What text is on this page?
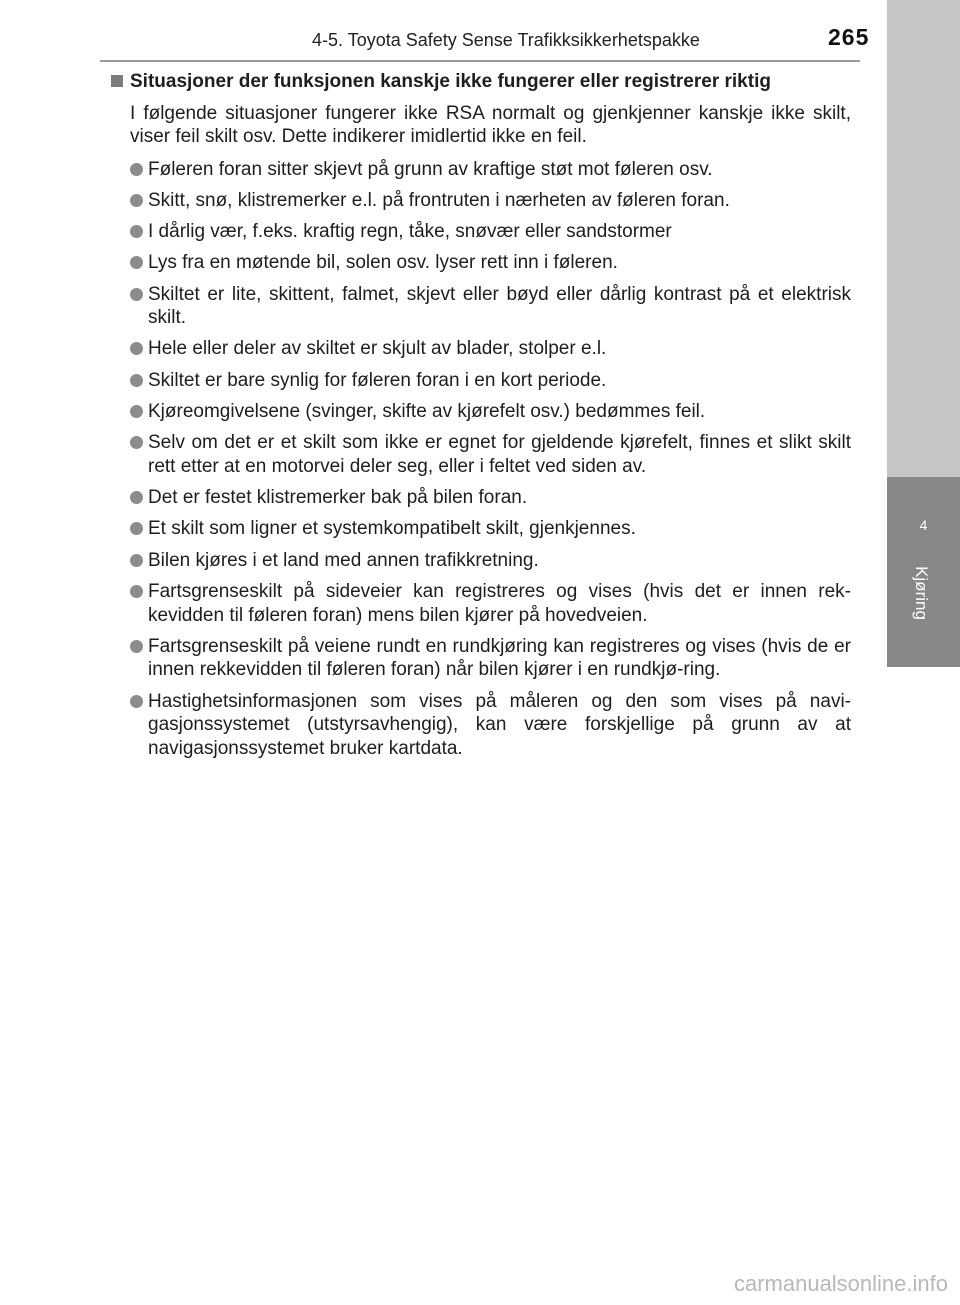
4-5. Toyota Safety Sense Trafikksikkerhetspakke	265
4
Kjøring

Situasjoner der funksjonen kanskje ikke fungerer eller registrerer riktig

I følgende situasjoner fungerer ikke RSA normalt og gjenkjenner kanskje ikke skilt, viser feil skilt osv. Dette indikerer imidlertid ikke en feil.

Føleren foran sitter skjevt på grunn av kraftige støt mot føleren osv.
Skitt, snø, klistremerker e.l. på frontruten i nærheten av føleren foran.
I dårlig vær, f.eks. kraftig regn, tåke, snøvær eller sandstormer
Lys fra en møtende bil, solen osv. lyser rett inn i føleren.
Skiltet er lite, skittent, falmet, skjevt eller bøyd eller dårlig kontrast på et elektrisk skilt.
Hele eller deler av skiltet er skjult av blader, stolper e.l.
Skiltet er bare synlig for føleren foran i en kort periode.
Kjøreomgivelsene (svinger, skifte av kjørefelt osv.) bedømmes feil.
Selv om det er et skilt som ikke er egnet for gjeldende kjørefelt, finnes et slikt skilt rett etter at en motorvei deler seg, eller i feltet ved siden av.
Det er festet klistremerker bak på bilen foran.
Et skilt som ligner et systemkompatibelt skilt, gjenkjennes.
Bilen kjøres i et land med annen trafikkretning.
Fartsgrenseskilt på sideveier kan registreres og vises (hvis det er innen rek-kevidden til føleren foran) mens bilen kjører på hovedveien.
Fartsgrenseskilt på veiene rundt en rundkjøring kan registreres og vises (hvis de er innen rekkevidden til føleren foran) når bilen kjører i en rundkjø-ring.
Hastighetsinformasjonen som vises på måleren og den som vises på navi-gasjonssystemet (utstyrsavhengig), kan være forskjellige på grunn av at navigasjonssystemet bruker kartdata.
carmanualsonline.info
